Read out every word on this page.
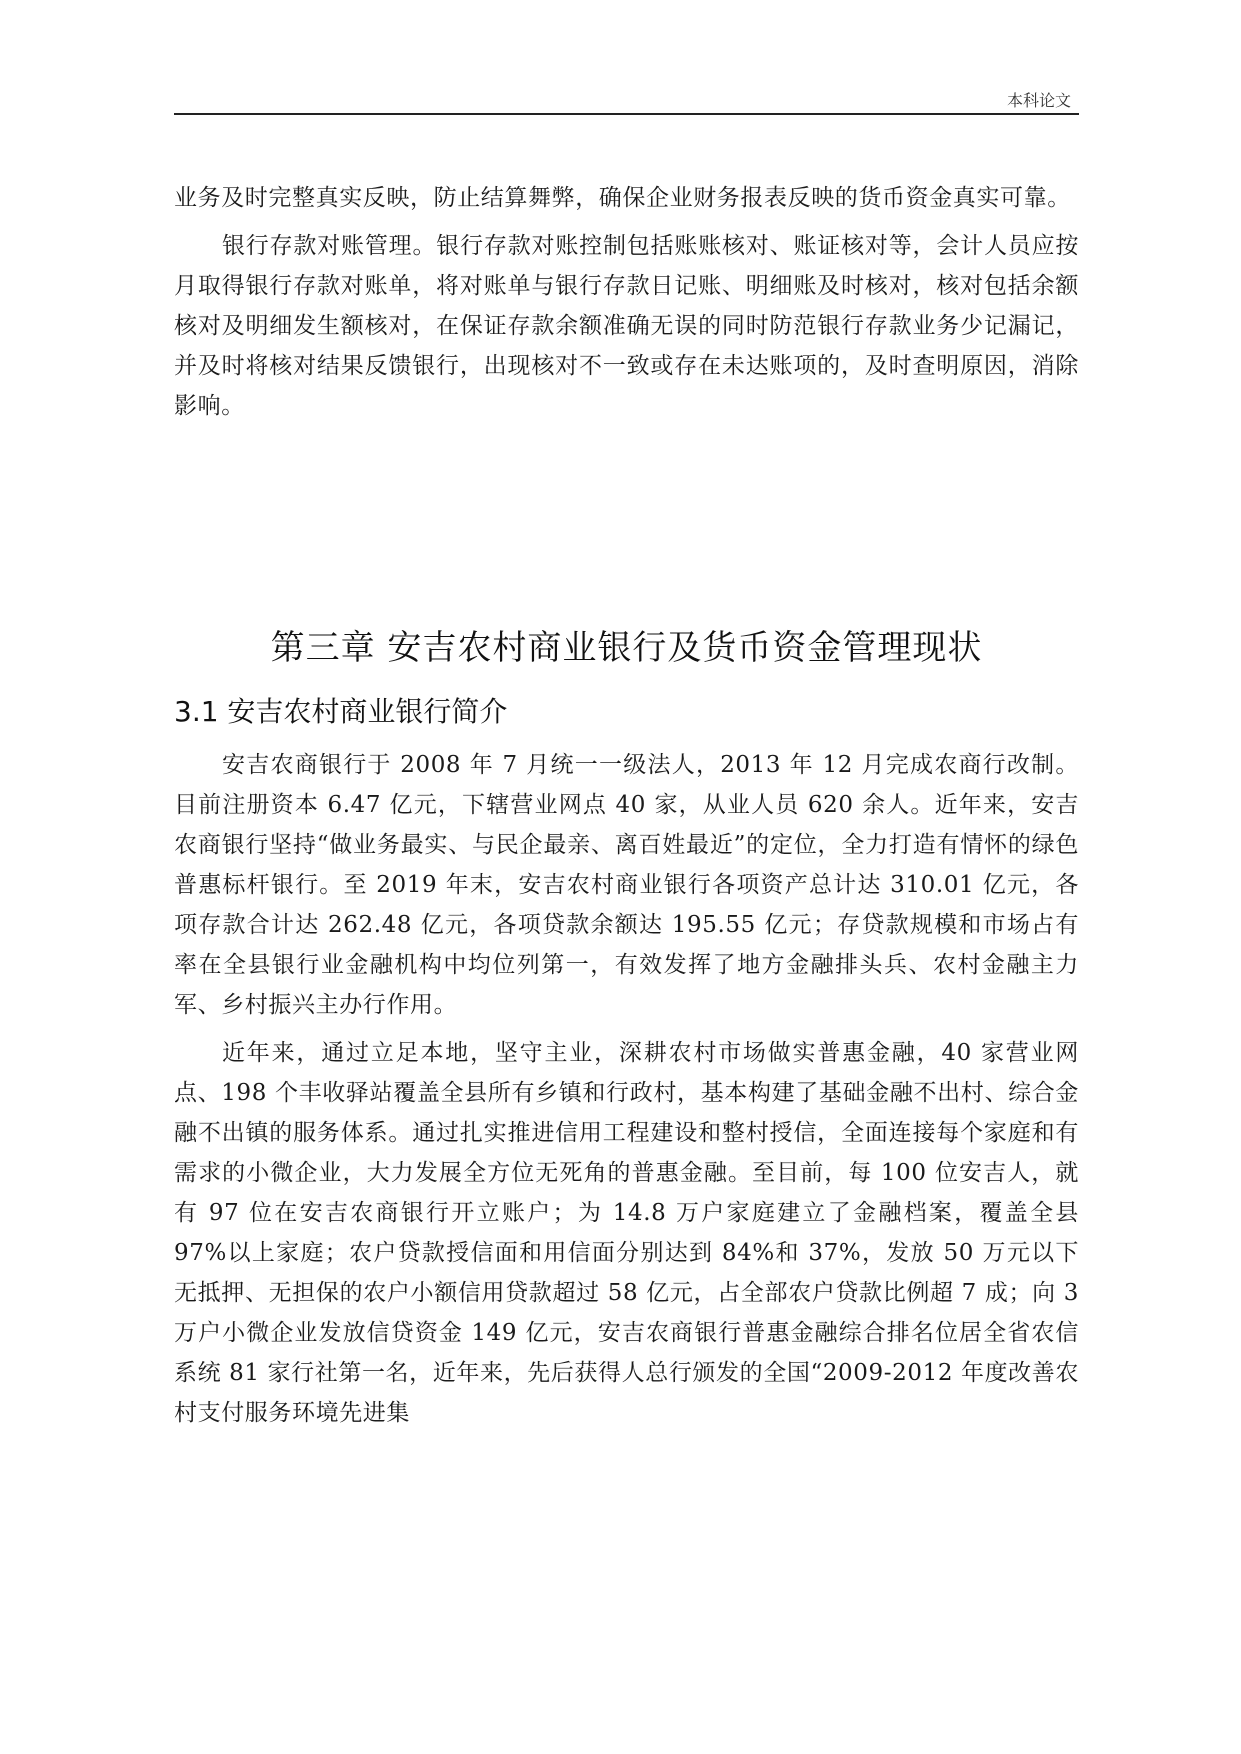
本科论文

业务及时完整真实反映，防止结算舞弊，确保企业财务报表反映的货币资金真实可靠。

银行存款对账管理。银行存款对账控制包括账账核对、账证核对等，会计人员应按月取得银行存款对账单，将对账单与银行存款日记账、明细账及时核对，核对包括余额核对及明细发生额核对，在保证存款余额准确无误的同时防范银行存款业务少记漏记，并及时将核对结果反馈银行，出现核对不一致或存在未达账项的，及时查明原因，消除影响。

第三章 安吉农村商业银行及货币资金管理现状
3.1 安吉农村商业银行简介

安吉农商银行于 2008 年 7 月统一一级法人，2013 年 12 月完成农商行改制。目前注册资本 6.47 亿元，下辖营业网点 40 家，从业人员 620 余人。近年来，安吉农商银行坚持“做业务最实、与民企最亲、离百姓最近”的定位，全力打造有情怀的绿色普惠标杆银行。至 2019 年末，安吉农村商业银行各项资产总计达 310.01 亿元，各项存款合计达 262.48 亿元，各项贷款余额达 195.55 亿元；存贷款规模和市场占有率在全县银行业金融机构中均位列第一，有效发挥了地方金融排头兵、农村金融主力军、乡村振兴主办行作用。

近年来，通过立足本地，坚守主业，深耕农村市场做实普惠金融，40 家营业网点、198 个丰收驿站覆盖全县所有乡镇和行政村，基本构建了基础金融不出村、综合金融不出镇的服务体系。通过扎实推进信用工程建设和整村授信，全面连接每个家庭和有需求的小微企业，大力发展全方位无死角的普惠金融。至目前，每 100 位安吉人，就有 97 位在安吉农商银行开立账户；为 14.8 万户家庭建立了金融档案，覆盖全县 97%以上家庭；农户贷款授信面和用信面分别达到 84%和 37%，发放 50 万元以下无抵押、无担保的农户小额信用贷款超过 58 亿元，占全部农户贷款比例超 7 成；向 3 万户小微企业发放信贷资金 149 亿元，安吉农商银行普惠金融综合排名位居全省农信系统 81 家行社第一名，近年来，先后获得人总行颁发的全国“2009-2012 年度改善农村支付服务环境先进集
